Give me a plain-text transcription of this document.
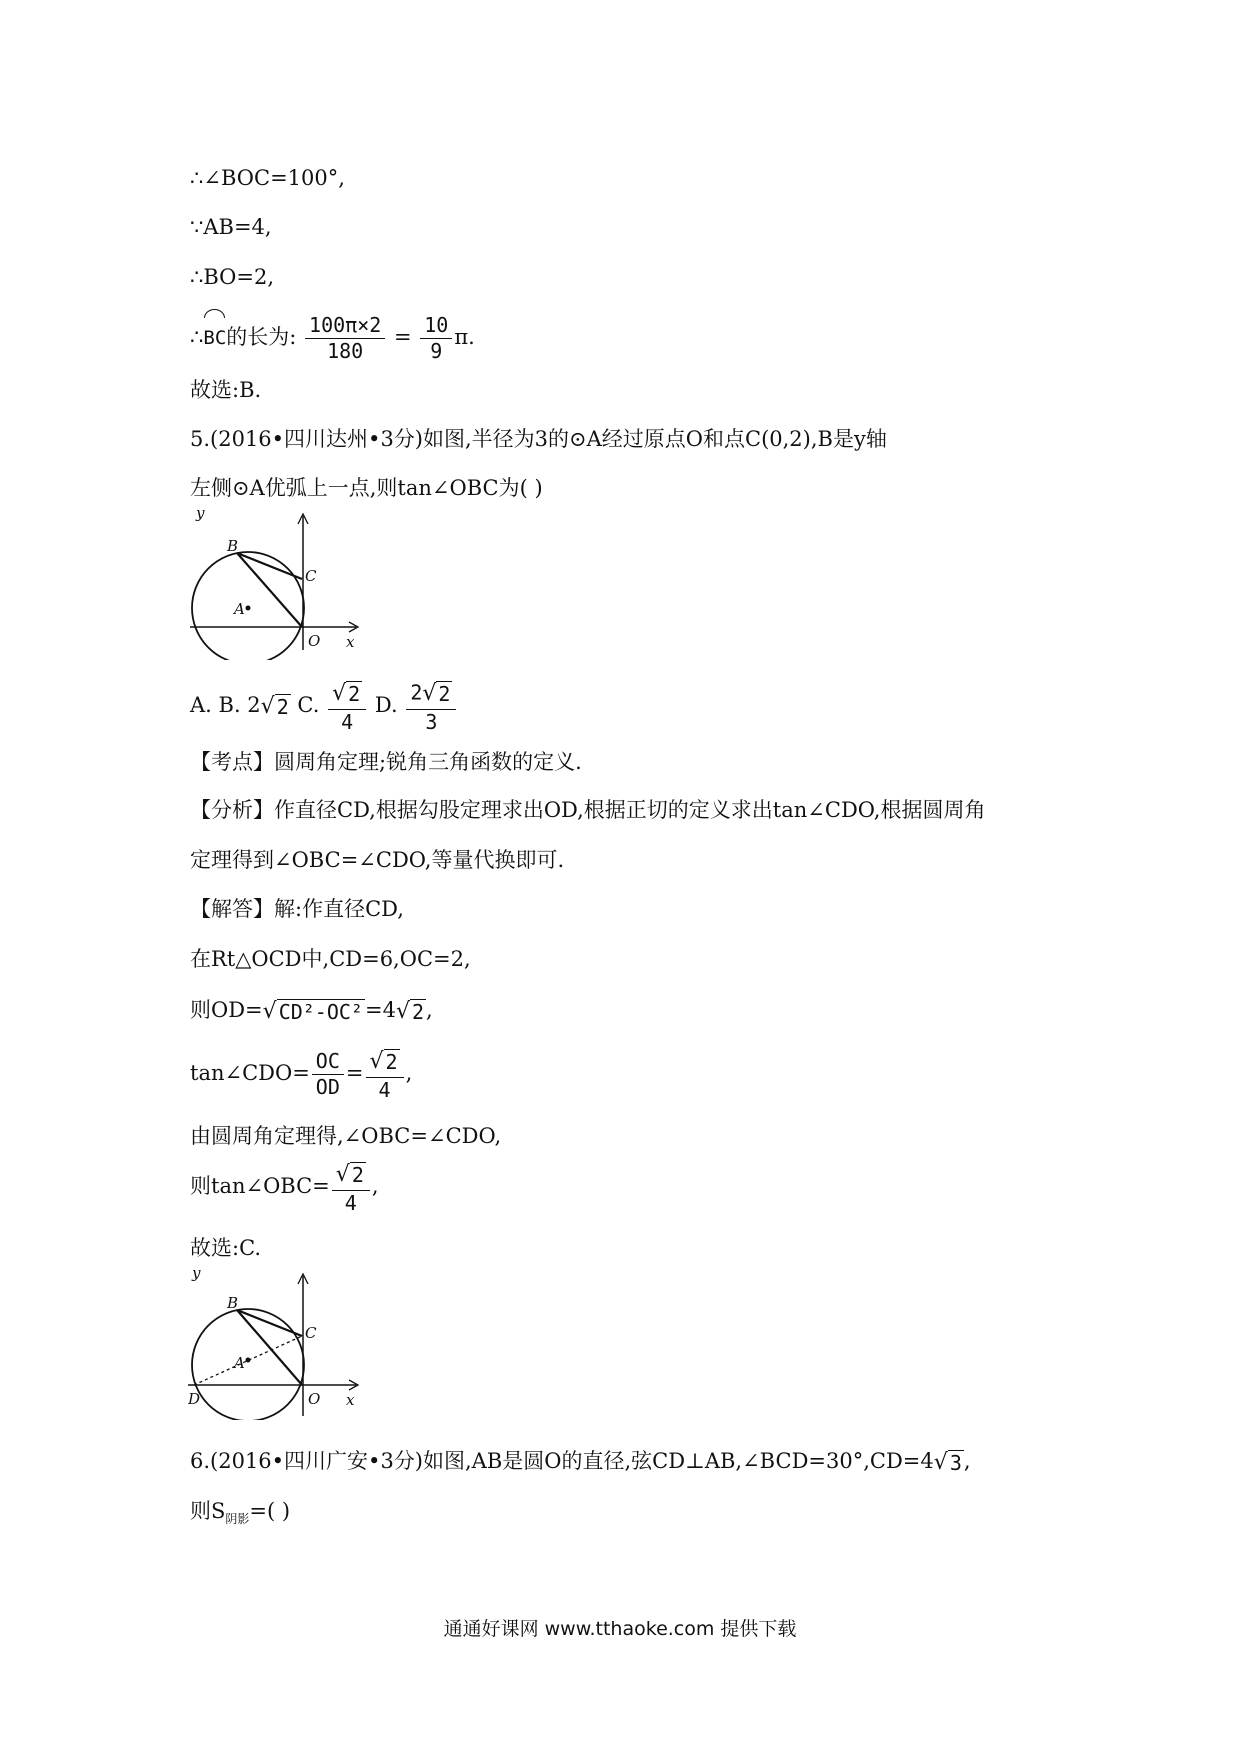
∴∠BOC=100°,
∵AB=4,
∴BO=2,
∴BC的长为: $\frac{100\pi\times 2}{180} = \frac{10}{9} \pi$.
故选:B.
5.(2016•四川达州•3分)如图,半径为3的⊙A经过原点O和点C(0,2),B是y轴
左侧⊙A优弧上一点,则tan∠OBC为( )
y
x
B
C
A
O
A. B. 2 √ 2 C. $\frac{√ 2}{4} D$. $\frac{2 √ 2}{3}$
【考点】圆周角定理;锐角三角函数的定义.
【分析】作直径CD,根据勾股定理求出OD,根据正切的定义求出tan∠CDO,根据圆周角
定理得到∠OBC=∠CDO,等量代换即可.
【解答】解:作直径CD,
在Rt△OCD中,CD=6,OC=2,
则OD= √ CD²-OC² =4 √ 2 ,
tan∠CDO= $\frac{OC}{OD} = \frac{√ 2}{4}$ ,
由圆周角定理得,∠OBC=∠CDO,
则tan∠OBC= $\frac{√ 2}{4}$ ,
故选:C.
y
x
B
C
A
O
D
6.(2016•四川广安•3分)如图,AB是圆O的直径,弦CD⊥AB,∠BCD=30°,CD=4 √ 3 ,
则$S_{阴影}=$( )
通通好课网 www.tthaoke.com 提供下载
